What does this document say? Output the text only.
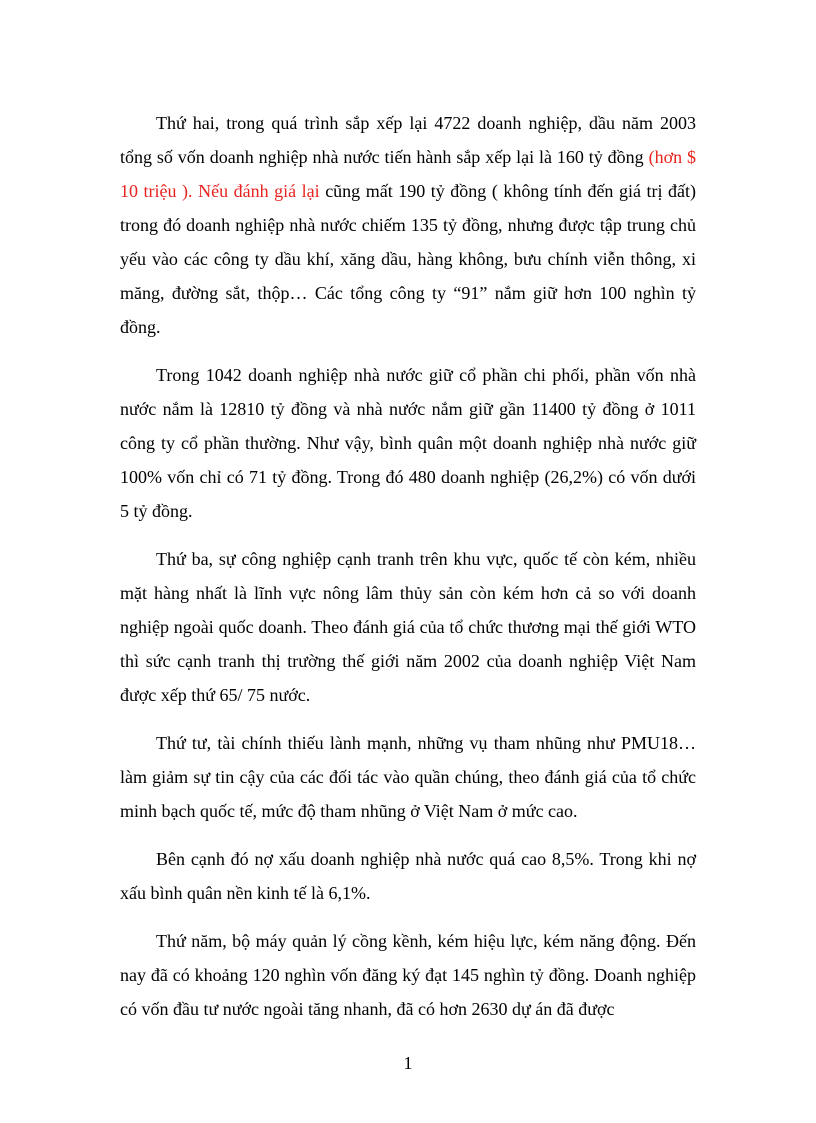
Thứ hai, trong quá trình sắp xếp lại 4722 doanh nghiệp, dầu năm 2003 tổng số vốn doanh nghiệp nhà nước tiến hành sắp xếp lại là 160 tỷ đồng (hơn $ 10 triệu ). Nếu đánh giá lại cũng mất 190 tỷ đồng ( không tính đến giá trị đất) trong đó doanh nghiệp nhà nước chiếm 135 tỷ đồng, nhưng được tập trung chủ yếu vào các công ty dầu khí, xăng dầu, hàng không, bưu chính viễn thông, xi măng, đường sắt, thộp… Các tổng công ty “91” nắm giữ hơn 100 nghìn tỷ đồng.

Trong 1042 doanh nghiệp nhà nước giữ cổ phần chi phối, phần vốn nhà nước nắm là 12810 tỷ đồng và nhà nước nắm giữ gần 11400 tỷ đồng ở 1011 công ty cổ phần thường. Như vậy, bình quân một doanh nghiệp nhà nước giữ 100% vốn chỉ có 71 tỷ đồng. Trong đó 480 doanh nghiệp (26,2%) có vốn dưới 5 tỷ đồng.

Thứ ba, sự công nghiệp cạnh tranh trên khu vực, quốc tế còn kém, nhiều mặt hàng nhất là lĩnh vực nông lâm thủy sản còn kém hơn cả so với doanh nghiệp ngoài quốc doanh. Theo đánh giá của tổ chức thương mại thế giới WTO thì sức cạnh tranh thị trường thế giới năm 2002 của doanh nghiệp Việt Nam được xếp thứ 65/ 75 nước.

Thứ tư, tài chính thiếu lành mạnh, những vụ tham nhũng như PMU18…làm giảm sự tin cậy của các đối tác vào quần chúng, theo đánh giá của tổ chức minh bạch quốc tế, mức độ tham nhũng ở Việt Nam ở mức cao.

Bên cạnh đó nợ xấu doanh nghiệp nhà nước quá cao 8,5%. Trong khi nợ xấu bình quân nền kinh tế là 6,1%.

Thứ năm, bộ máy quản lý cồng kềnh, kém hiệu lực, kém năng động. Đến nay đã có khoảng 120 nghìn vốn đăng ký đạt 145 nghìn tỷ đồng. Doanh nghiệp có vốn đầu tư nước ngoài tăng nhanh, đã có hơn 2630 dự án đã được

1
